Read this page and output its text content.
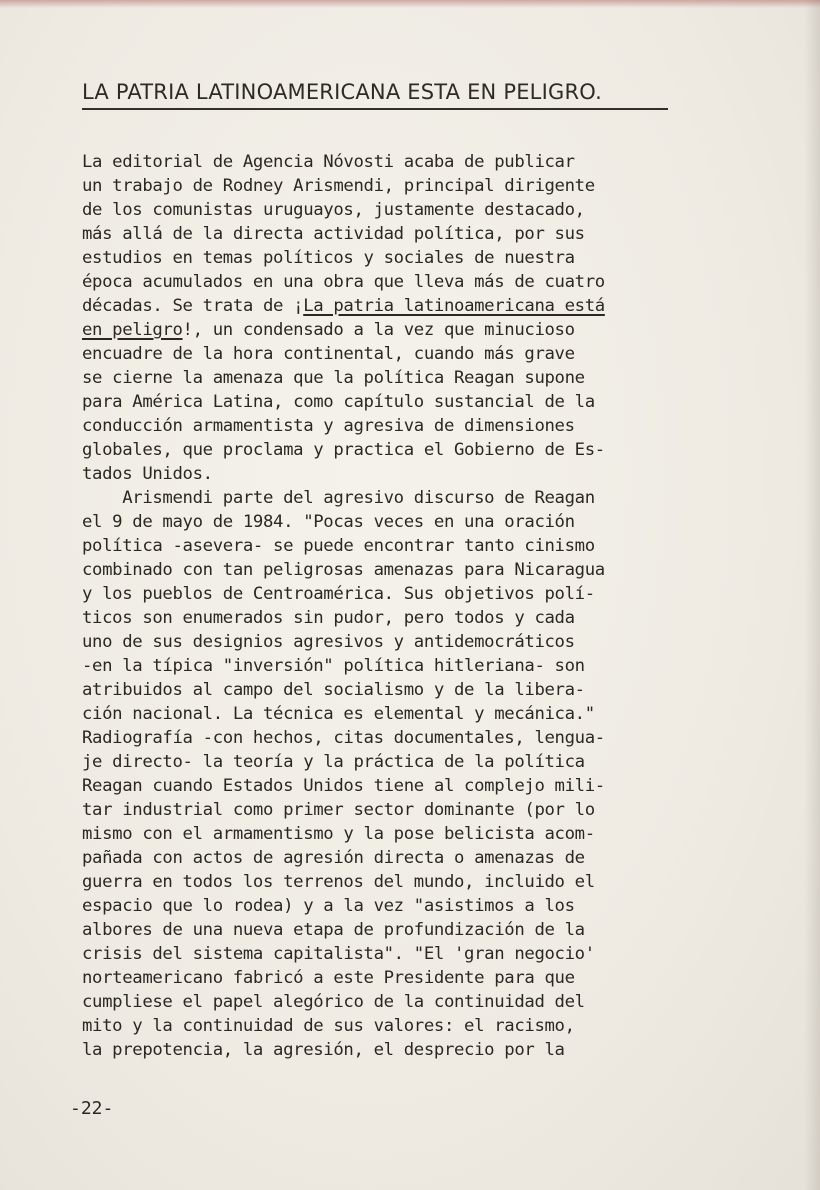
LA PATRIA LATINOAMERICANA ESTA EN PELIGRO.
La editorial de Agencia Nóvosti acaba de publicar
un trabajo de Rodney Arismendi, principal dirigente
de los comunistas uruguayos, justamente destacado,
más allá de la directa actividad política, por sus
estudios en temas políticos y sociales de nuestra
época acumulados en una obra que lleva más de cuatro
décadas. Se trata de ¡La patria latinoamericana está
en peligro!, un condensado a la vez que minucioso
encuadre de la hora continental, cuando más grave
se cierne la amenaza que la política Reagan supone
para América Latina, como capítulo sustancial de la
conducción armamentista y agresiva de dimensiones
globales, que proclama y practica el Gobierno de Es-
tados Unidos.
Arismendi parte del agresivo discurso de Reagan
el 9 de mayo de 1984. "Pocas veces en una oración
política -asevera- se puede encontrar tanto cinismo
combinado con tan peligrosas amenazas para Nicaragua
y los pueblos de Centroamérica. Sus objetivos polí-
ticos son enumerados sin pudor, pero todos y cada
uno de sus designios agresivos y antidemocráticos
-en la típica "inversión" política hitleriana- son
atribuidos al campo del socialismo y de la libera-
ción nacional. La técnica es elemental y mecánica."
Radiografía -con hechos, citas documentales, lengua-
je directo- la teoría y la práctica de la política
Reagan cuando Estados Unidos tiene al complejo mili-
tar industrial como primer sector dominante (por lo
mismo con el armamentismo y la pose belicista acom-
pañada con actos de agresión directa o amenazas de
guerra en todos los terrenos del mundo, incluido el
espacio que lo rodea) y a la vez "asistimos a los
albores de una nueva etapa de profundización de la
crisis del sistema capitalista". "El 'gran negocio'
norteamericano fabricó a este Presidente para que
cumpliese el papel alegórico de la continuidad del
mito y la continuidad de sus valores: el racismo,
la prepotencia, la agresión, el desprecio por la
-22-
